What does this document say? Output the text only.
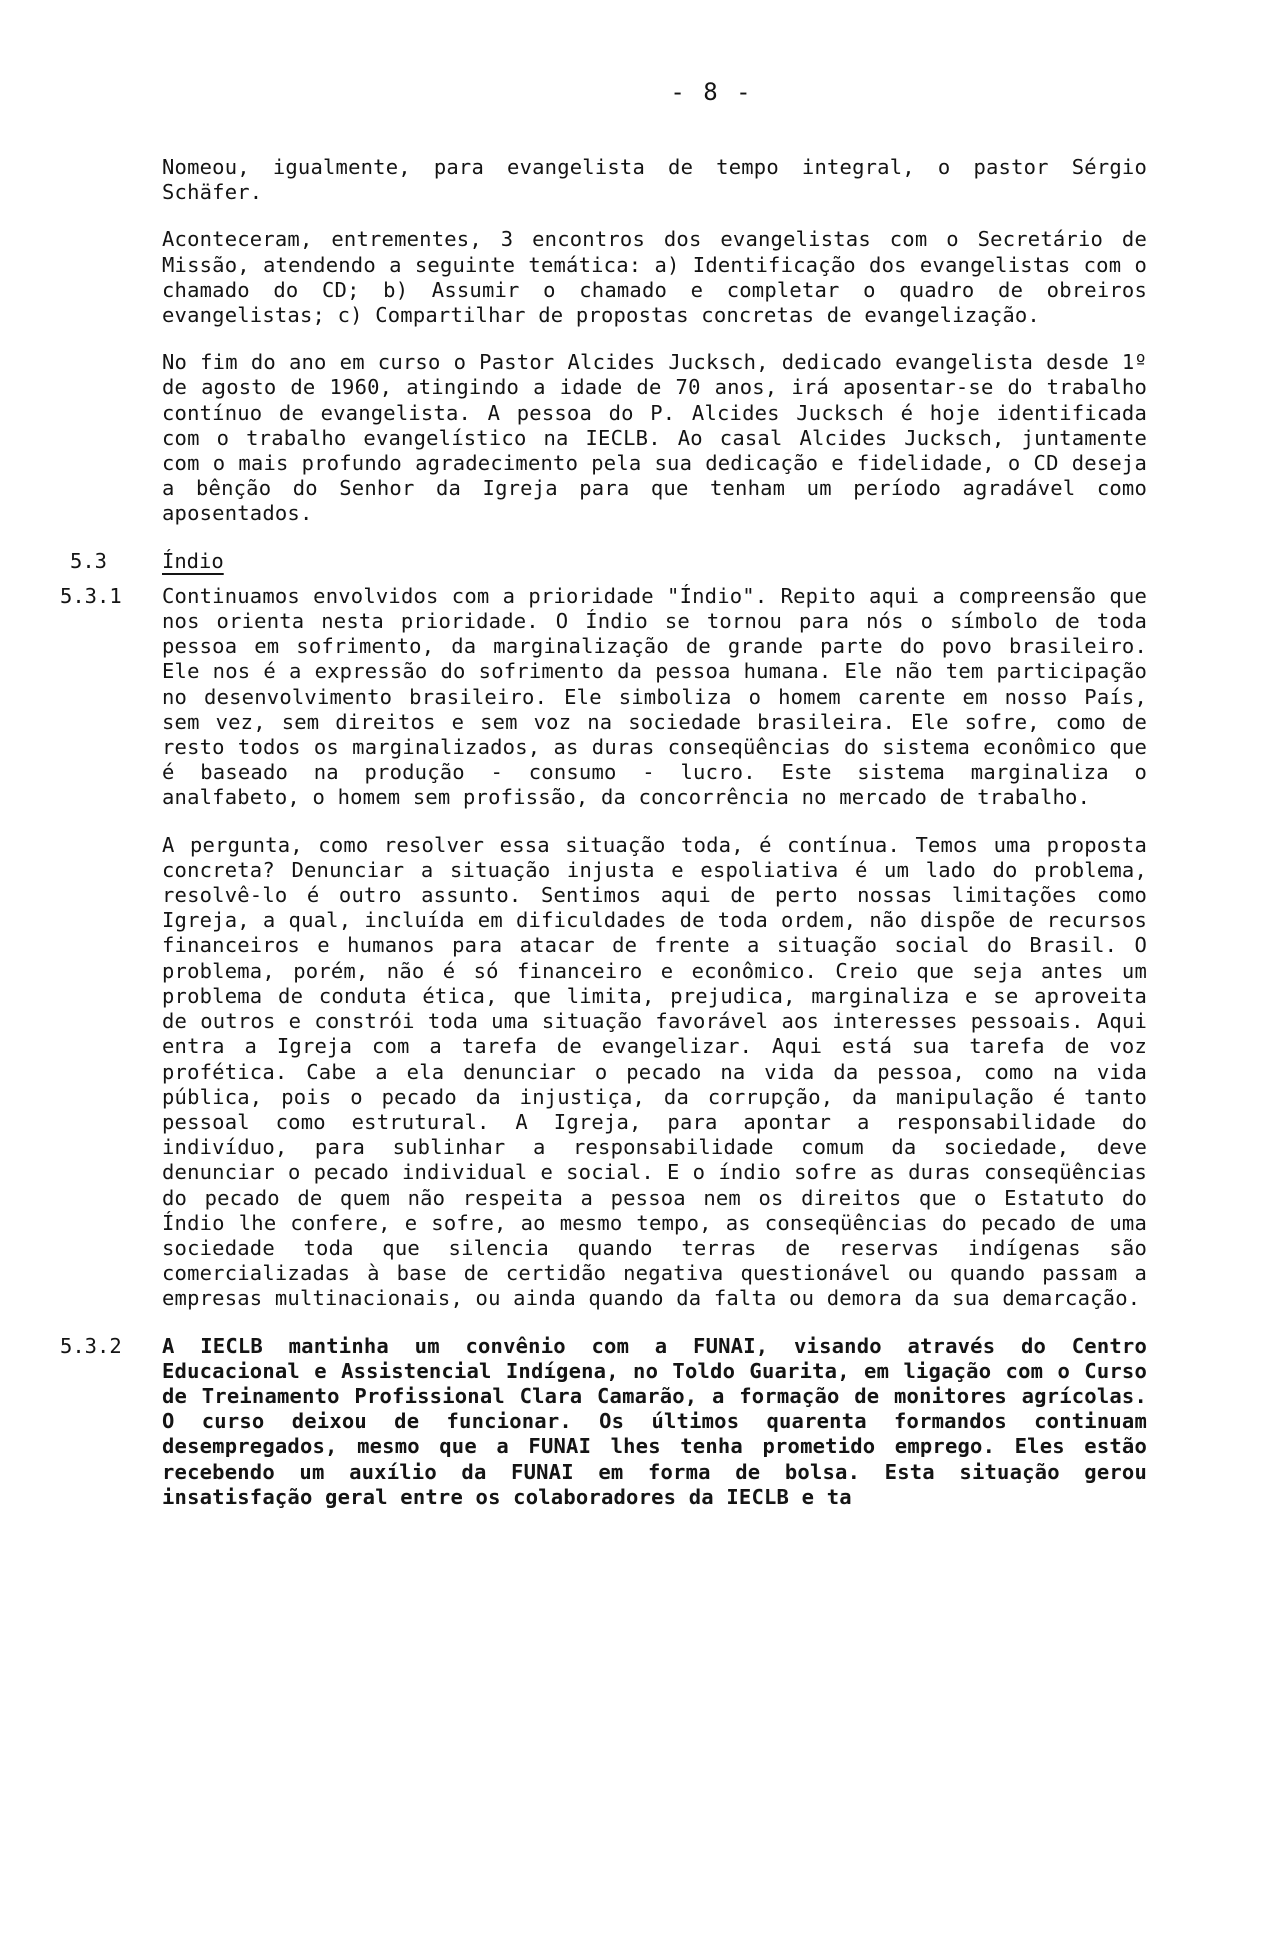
- 8 -
Nomeou, igualmente, para evangelista de tempo integral, o pastor Sérgio Schäfer.
Aconteceram, entrementes, 3 encontros dos evangelistas com o Secretário de Missão, atendendo a seguinte temática: a) Identificação dos evangelistas com o chamado do CD; b) Assumir o chamado e completar o quadro de obreiros evangelistas; c) Compartilhar de propostas concretas de evangelização.
No fim do ano em curso o Pastor Alcides Jucksch, dedicado evangelista desde 1º de agosto de 1960, atingindo a idade de 70 anos, irá aposentar-se do trabalho contínuo de evangelista. A pessoa do P. Alcides Jucksch é hoje identificada com o trabalho evangelístico na IECLB. Ao casal Alcides Jucksch, juntamente com o mais profundo agradecimento pela sua dedicação e fidelidade, o CD deseja a bênção do Senhor da Igreja para que tenham um período agradável como aposentados.
5.3	Índio
5.3.1	Continuamos envolvidos com a prioridade "Índio". Repito aqui a compreensão que nos orienta nesta prioridade. O Índio se tornou para nós o símbolo de toda pessoa em sofrimento, da marginalização de grande parte do povo brasileiro. Ele nos é a expressão do sofrimento da pessoa humana. Ele não tem participação no desenvolvimento brasileiro. Ele simboliza o homem carente em nosso País, sem vez, sem direitos e sem voz na sociedade brasileira. Ele sofre, como de resto todos os marginalizados, as duras conseqüências do sistema econômico que é baseado na produção - consumo - lucro. Este sistema marginaliza o analfabeto, o homem sem profissão, da concorrência no mercado de trabalho.
A pergunta, como resolver essa situação toda, é contínua. Temos uma proposta concreta? Denunciar a situação injusta e espoliativa é um lado do problema, resolvê-lo é outro assunto. Sentimos aqui de perto nossas limitações como Igreja, a qual, incluída em dificuldades de toda ordem, não dispõe de recursos financeiros e humanos para atacar de frente a situação social do Brasil. O problema, porém, não é só financeiro e econômico. Creio que seja antes um problema de conduta ética, que limita, prejudica, marginaliza e se aproveita de outros e constrói toda uma situação favorável aos interesses pessoais. Aqui entra a Igreja com a tarefa de evangelizar. Aqui está sua tarefa de voz profética. Cabe a ela denunciar o pecado na vida da pessoa, como na vida pública, pois o pecado da injustiça, da corrupção, da manipulação é tanto pessoal como estrutural. A Igreja, para apontar a responsabilidade do indivíduo, para sublinhar a responsabilidade comum da sociedade, deve denunciar o pecado individual e social. E o índio sofre as duras conseqüências do pecado de quem não respeita a pessoa nem os direitos que o Estatuto do Índio lhe confere, e sofre, ao mesmo tempo, as conseqüências do pecado de uma sociedade toda que silencia quando terras de reservas indígenas são comercializadas à base de certidão negativa questionável ou quando passam a empresas multinacionais, ou ainda quando da falta ou demora da sua demarcação.
5.3.2	A IECLB mantinha um convênio com a FUNAI, visando através do Centro Educacional e Assistencial Indígena, no Toldo Guarita, em ligação com o Curso de Treinamento Profissional Clara Camarão, a formação de monitores agrícolas. O curso deixou de funcionar. Os últimos quarenta formandos continuam desempregados, mesmo que a FUNAI lhes tenha prometido emprego. Eles estão recebendo um auxílio da FUNAI em forma de bolsa. Esta situação gerou insatisfação geral entre os colaboradores da IECLB e ta
